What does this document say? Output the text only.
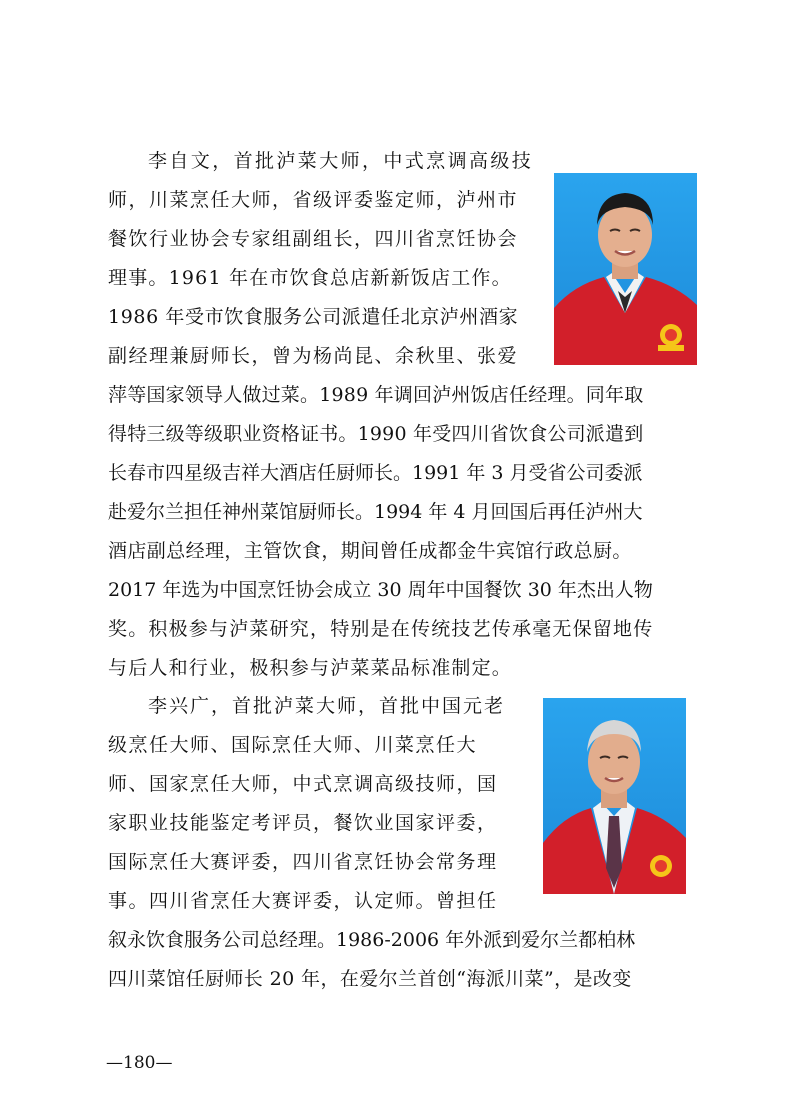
李自文，首批泸菜大师，中式烹调高级技
师，川菜烹任大师，省级评委鉴定师，泸州市
餐饮行业协会专家组副组长，四川省烹饪协会
理事。1961 年在市饮食总店新新饭店工作。
1986 年受市饮食服务公司派遣任北京泸州酒家
副经理兼厨师长，曾为杨尚昆、余秋里、张爱
萍等国家领导人做过菜。1989 年调回泸州饭店任经理。同年取
得特三级等级职业资格证书。1990 年受四川省饮食公司派遣到
长春市四星级吉祥大酒店任厨师长。1991 年 3 月受省公司委派
赴爱尔兰担任神州菜馆厨师长。1994 年 4 月回国后再任泸州大
酒店副总经理，主管饮食，期间曾任成都金牛宾馆行政总厨。
2017 年选为中国烹饪协会成立 30 周年中国餐饮 30 年杰出人物
奖。积极参与泸菜研究，特别是在传统技艺传承毫无保留地传
与后人和行业，极积参与泸菜菜品标准制定。
李兴广，首批泸菜大师，首批中国元老
级烹任大师、国际烹任大师、川菜烹任大
师、国家烹任大师，中式烹调高级技师，国
家职业技能鉴定考评员，餐饮业国家评委，
国际烹任大赛评委，四川省烹饪协会常务理
事。四川省烹任大赛评委，认定师。曾担任
叙永饮食服务公司总经理。1986-2006 年外派到爱尔兰都柏林
四川菜馆任厨师长 20 年，在爱尔兰首创“海派川菜”，是改变
—180—
